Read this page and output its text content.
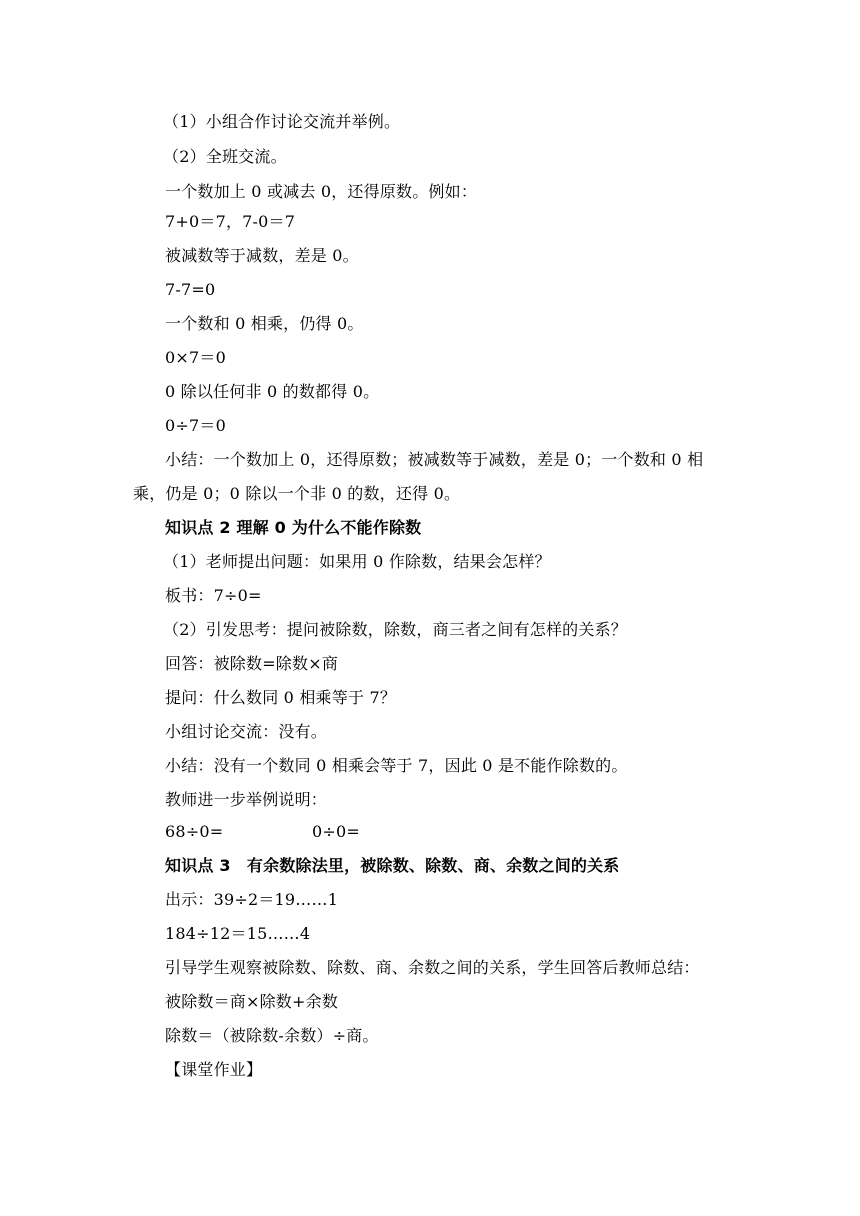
（1）小组合作讨论交流并举例。
（2）全班交流。
一个数加上 0 或减去 0，还得原数。例如：
7+0＝7，7-0＝7
被减数等于减数，差是 0。
7-7=0
一个数和 0 相乘，仍得 0。
0×7＝0
0 除以任何非 0 的数都得 0。
0÷7＝0
小结：一个数加上 0，还得原数；被减数等于减数，差是 0；一个数和 0 相
乘，仍是 0；0 除以一个非 0 的数，还得 0。
知识点 2 理解 0 为什么不能作除数
（1）老师提出问题：如果用 0 作除数，结果会怎样？
板书：7÷0=
（2）引发思考：提问被除数，除数，商三者之间有怎样的关系？
回答：被除数=除数×商
提问：什么数同 0 相乘等于 7？
小组讨论交流：没有。
小结：没有一个数同 0 相乘会等于 7，因此 0 是不能作除数的。
教师进一步举例说明：
68÷0=	0÷0=
知识点 3　有余数除法里，被除数、除数、商、余数之间的关系
出示：39÷2＝19……1
184÷12＝15……4
引导学生观察被除数、除数、商、余数之间的关系，学生回答后教师总结：
被除数＝商×除数+余数
除数＝（被除数-余数）÷商。
【课堂作业】
